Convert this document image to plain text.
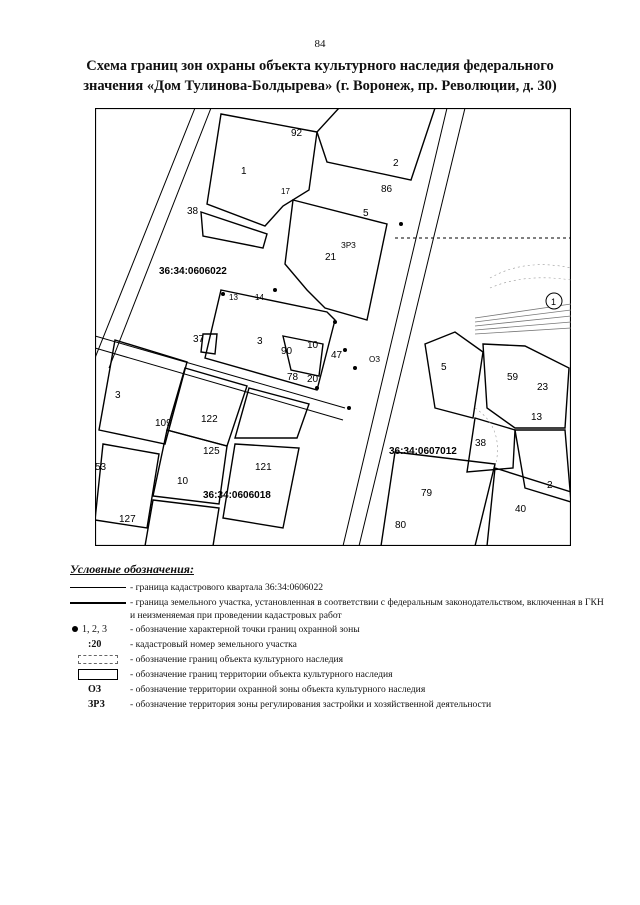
84
Схема границ зон охраны объекта культурного наследия федерального
значения «Дом Тулинова-Болдырева» (г. Воронеж, пр. Революции, д. 30)
36:34:0606022
36:34:0606018
36:34:0607012
92
1
2
86
38
17
5
ЗРЗ
21
14
13
37	3
90
10
47
78 20
ОЗ
5
59
23
13
3
109	122
125
121
53
10
127
38
2
40
79
80
1
Условные обозначения:
- граница кадастрового квартала 36:34:0606022
- граница земельного участка, установленная в соответствии с федеральным законодательством, включенная в ГКН и неизменяемая при проведении кадастровых работ
1, 2, 3 - обозначение характерной точки границ охранной зоны
:20	- кадастровый номер земельного участка
- обозначение границ объекта культурного наследия
- обозначение границ территории объекта культурного наследия
ОЗ	- обозначение территории охранной зоны объекта культурного наследия
ЗРЗ	- обозначение территория зоны регулирования застройки и хозяйственной деятельности
